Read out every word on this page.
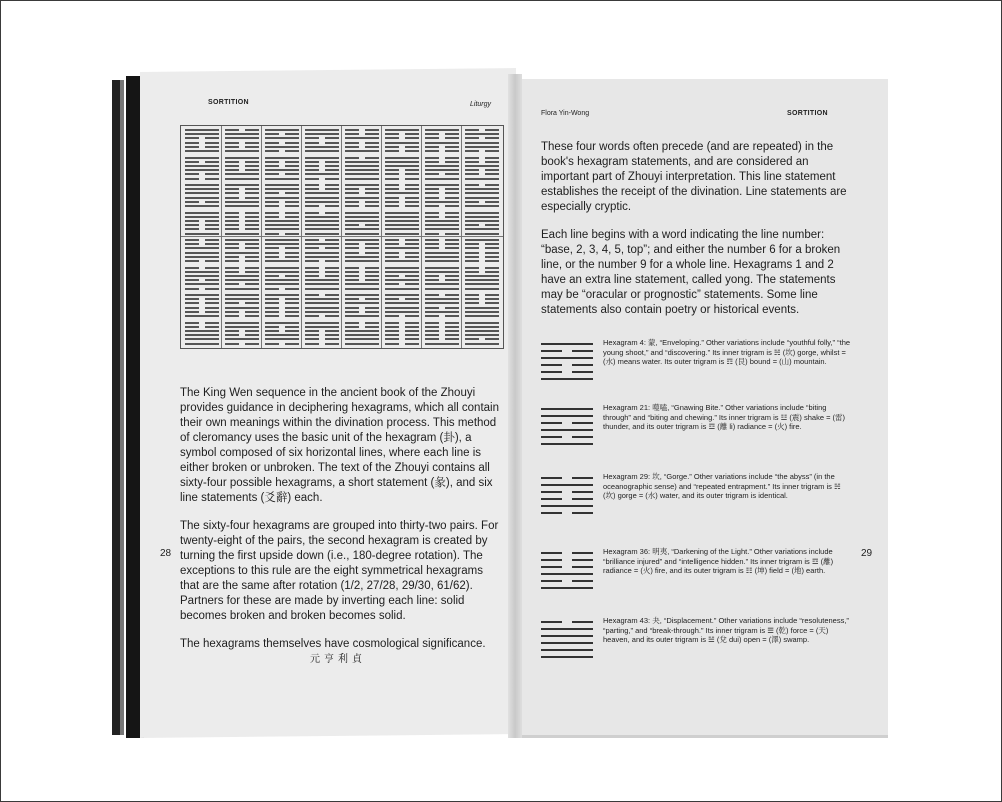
SORTITION	Liturgy
Flora Yin-Wong	SORTITION

The King Wen sequence in the ancient book of the Zhouyi provides guidance in deciphering hexagrams, which all contain their own meanings within the divination process. This method of cleromancy uses the basic unit of the hexagram (卦), a symbol composed of six horizontal lines, where each line is either broken or unbroken. The text of the Zhouyi contains all sixty-four possible hexagrams, a short statement (彖), and six line statements (爻辭) each.

The sixty-four hexagrams are grouped into thirty-two pairs. For twenty-eight of the pairs, the second hexagram is created by turning the first upside down (i.e., 180-degree rotation). The exceptions to this rule are the eight symmetrical hexagrams that are the same after rotation (1/2, 27/28, 29/30, 61/62). Partners for these are made by inverting each line: solid becomes broken and broken becomes solid.

The hexagrams themselves have cosmological significance.

元亨利貞
28

These four words often precede (and are repeated) in the book's hexagram statements, and are considered an important part of Zhouyi interpretation. This line statement establishes the receipt of the divination. Line statements are especially cryptic.

Each line begins with a word indicating the line number: “base, 2, 3, 4, 5, top”; and either the number 6 for a broken line, or the number 9 for a whole line. Hexagrams 1 and 2 have an extra line statement, called yong. The statements may be “oracular or prognostic” statements. Some line statements also contain poetry or historical events.

29
Hexagram 4: 蒙, “Enveloping.” Other variations include “youthful folly,” “the young shoot,” and “discovering.” Its inner trigram is ☵ (坎) gorge, whilst = (水) means water. Its outer trigram is ☶ (艮) bound = (山) mountain.
Hexagram 21: 噬嗑, “Gnawing Bite.” Other variations include “biting through” and “biting and chewing.” Its inner trigram is ☳ (震) shake = (雷) thunder, and its outer trigram is ☲ (離 li) radiance = (火) fire.
Hexagram 29: 坎, “Gorge.” Other variations include “the abyss” (in the oceanographic sense) and “repeated entrapment.” Its inner trigram is ☵ (坎) gorge = (水) water, and its outer trigram is identical.
Hexagram 36: 明夷, “Darkening of the Light.” Other variations include “brilliance injured” and “intelligence hidden.” Its inner trigram is ☲ (離) radiance = (火) fire, and its outer trigram is ☷ (坤) field = (地) earth.
Hexagram 43: 夬, “Displacement.” Other variations include “resoluteness,” “parting,” and “break-through.” Its inner trigram is ☰ (乾) force = (天) heaven, and its outer trigram is ☱ (兌 dui) open = (澤) swamp.
